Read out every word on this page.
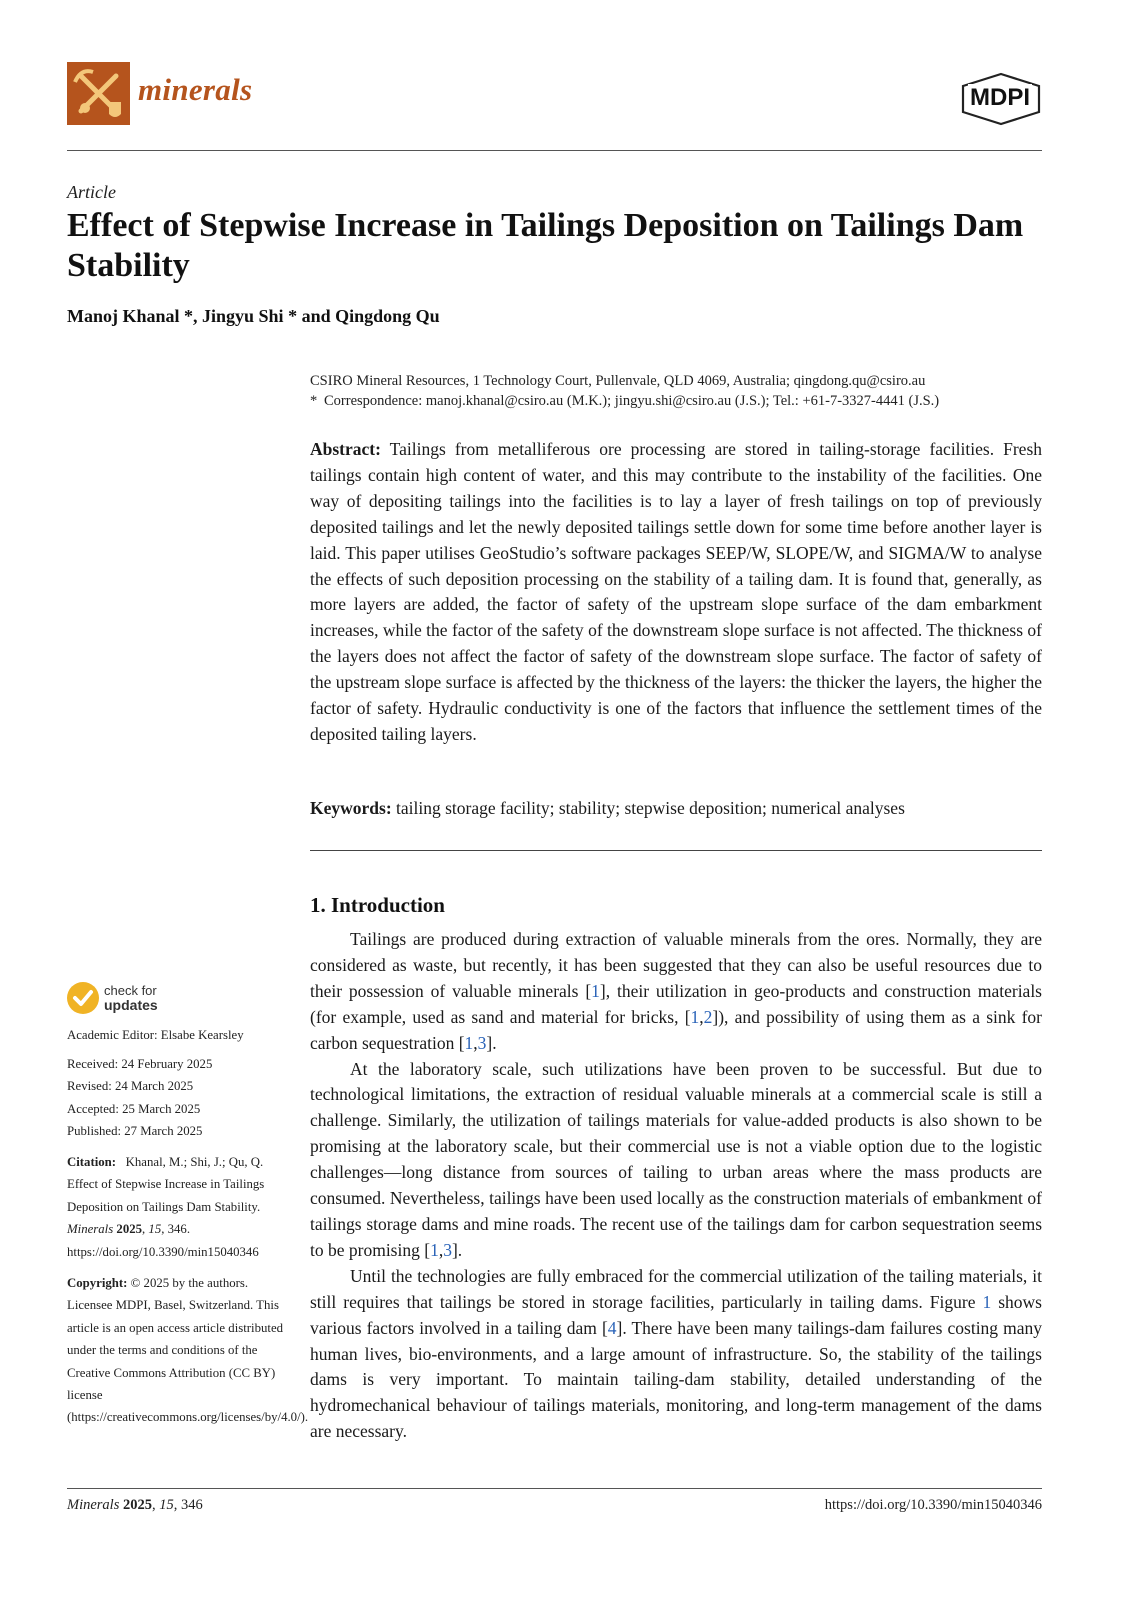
minerals	MDPI
Article
Effect of Stepwise Increase in Tailings Deposition on Tailings Dam Stability
Manoj Khanal *, Jingyu Shi * and Qingdong Qu
CSIRO Mineral Resources, 1 Technology Court, Pullenvale, QLD 4069, Australia; qingdong.qu@csiro.au
* Correspondence: manoj.khanal@csiro.au (M.K.); jingyu.shi@csiro.au (J.S.); Tel.: +61-7-3327-4441 (J.S.)
Abstract: Tailings from metalliferous ore processing are stored in tailing-storage facilities. Fresh tailings contain high content of water, and this may contribute to the instability of the facilities. One way of depositing tailings into the facilities is to lay a layer of fresh tailings on top of previously deposited tailings and let the newly deposited tailings settle down for some time before another layer is laid. This paper utilises GeoStudio’s software packages SEEP/W, SLOPE/W, and SIGMA/W to analyse the effects of such deposition processing on the stability of a tailing dam. It is found that, generally, as more layers are added, the factor of safety of the upstream slope surface of the dam embarkment increases, while the factor of the safety of the downstream slope surface is not affected. The thickness of the layers does not affect the factor of safety of the downstream slope surface. The factor of safety of the upstream slope surface is affected by the thickness of the layers: the thicker the layers, the higher the factor of safety. Hydraulic conductivity is one of the factors that influence the settlement times of the deposited tailing layers.
Keywords: tailing storage facility; stability; stepwise deposition; numerical analyses
1. Introduction

Tailings are produced during extraction of valuable minerals from the ores. Normally, they are considered as waste, but recently, it has been suggested that they can also be useful resources due to their possession of valuable minerals [1], their utilization in geo-products and construction materials (for example, used as sand and material for bricks, [1,2]), and possibility of using them as a sink for carbon sequestration [1,3].

At the laboratory scale, such utilizations have been proven to be successful. But due to technological limitations, the extraction of residual valuable minerals at a commercial scale is still a challenge. Similarly, the utilization of tailings materials for value-added products is also shown to be promising at the laboratory scale, but their commercial use is not a viable option due to the logistic challenges—long distance from sources of tailing to urban areas where the mass products are consumed. Nevertheless, tailings have been used locally as the construction materials of embankment of tailings storage dams and mine roads. The recent use of the tailings dam for carbon sequestration seems to be promising [1,3].

Until the technologies are fully embraced for the commercial utilization of the tailing materials, it still requires that tailings be stored in storage facilities, particularly in tailing dams. Figure 1 shows various factors involved in a tailing dam [4]. There have been many tailings-dam failures costing many human lives, bio-environments, and a large amount of infrastructure. So, the stability of the tailings dams is very important. To maintain tailing-dam stability, detailed understanding of the hydromechanical behaviour of tailings materials, monitoring, and long-term management of the dams are necessary.

check for
updates
Academic Editor: Elsabe Kearsley
Received: 24 February 2025
Revised: 24 March 2025
Accepted: 25 March 2025
Published: 27 March 2025
Citation: Khanal, M.; Shi, J.; Qu, Q. Effect of Stepwise Increase in Tailings Deposition on Tailings Dam Stability. Minerals 2025, 15, 346. https://doi.org/10.3390/min15040346
Copyright: © 2025 by the authors. Licensee MDPI, Basel, Switzerland. This article is an open access article distributed under the terms and conditions of the Creative Commons Attribution (CC BY) license (https://creativecommons.org/licenses/by/4.0/).
Minerals 2025, 15, 346	https://doi.org/10.3390/min15040346
